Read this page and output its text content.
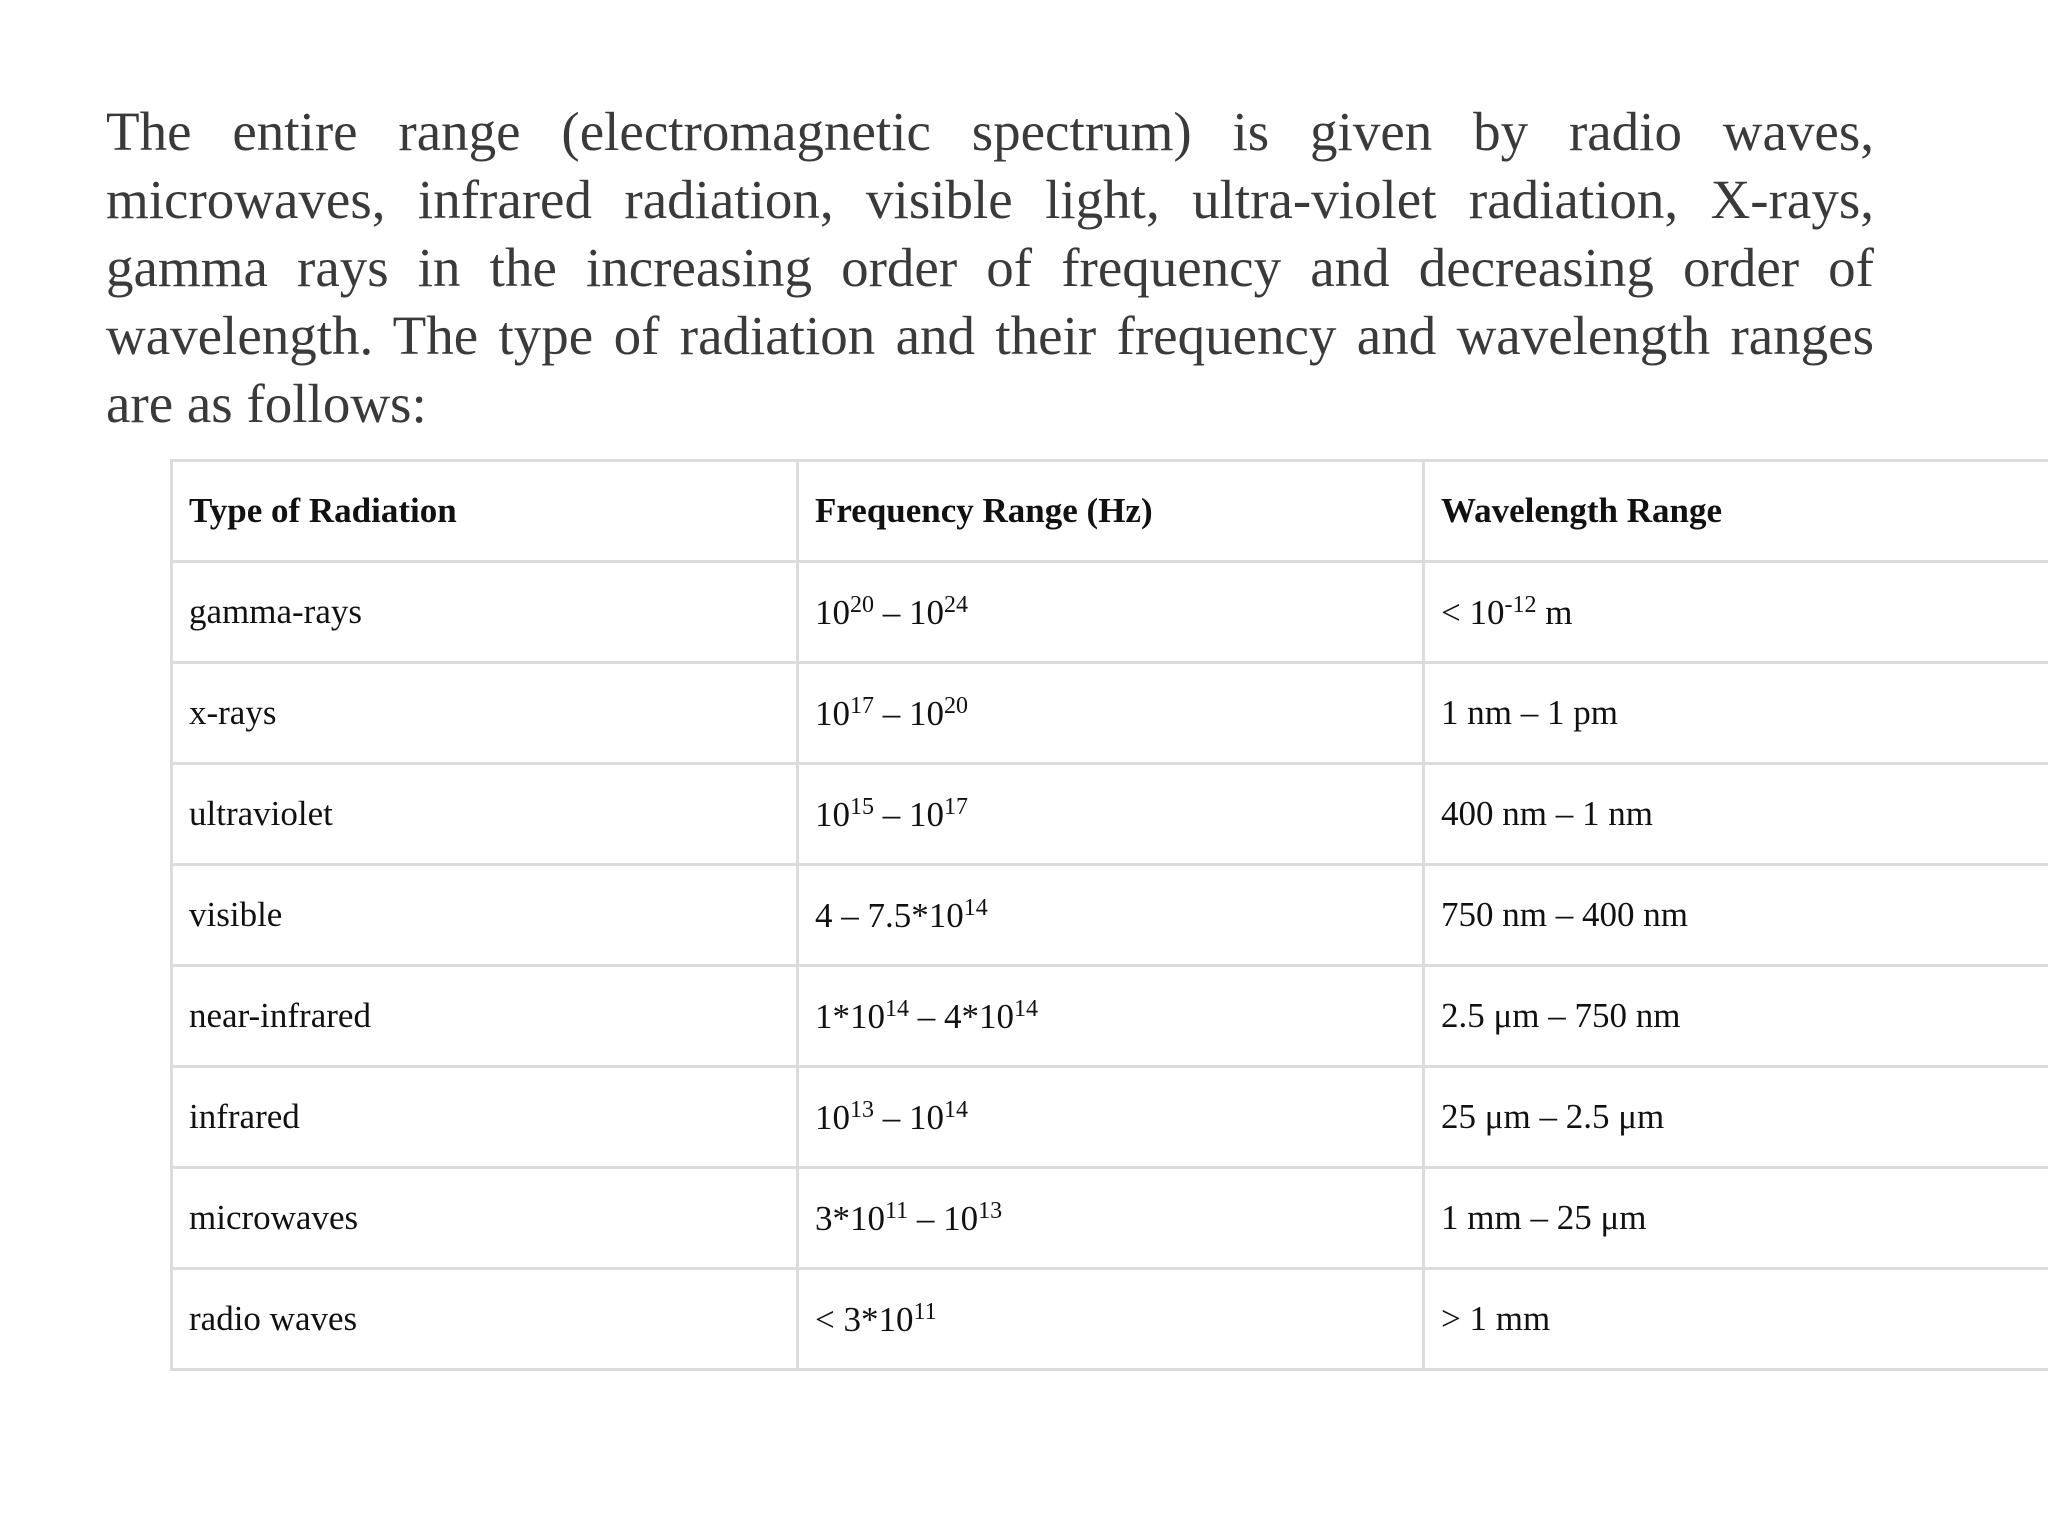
The entire range (electromagnetic spectrum) is given by radio waves, microwaves, infrared radiation, visible light, ultra-violet radiation, X-rays, gamma rays in the increasing order of frequency and decreasing order of wavelength. The type of radiation and their frequency and wavelength ranges are as follows:

Type of Radiation	Frequency Range (Hz)	Wavelength Range
gamma-rays	$10^{20} - 10^{24}$	< $10^{-12}$ m
x-rays	$10^{17} - 10^{20}$	1 nm – 1 pm
ultraviolet	$10^{15} - 10^{17}$	400 nm – 1 nm
visible	$4 - 7.5*10^{14}$	750 nm – 400 nm
near-infrared	$1*10^{14} - 4*10^{14}$	2.5 μm – 750 nm
infrared	$10^{13} - 10^{14}$	25 μm – 2.5 μm
microwaves	$3*10^{11} - 10^{13}$	1 mm – 25 μm
radio waves	< $3*10^{11}$	> 1 mm
